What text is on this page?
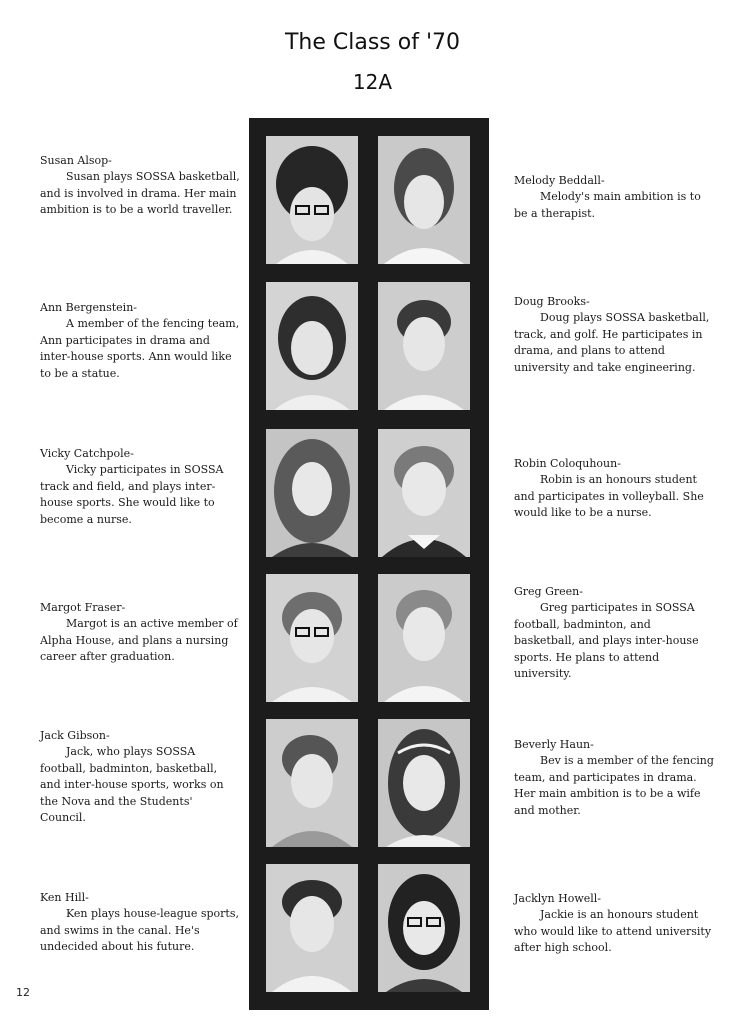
The Class of '70
12A
Susan Alsop-
Susan plays SOSSA basketball, and is involved in drama. Her main ambition is to be a world traveller.
Ann Bergenstein-
A member of the fencing team, Ann participates in drama and inter-house sports. Ann would like to be a statue.
Vicky Catchpole-
Vicky participates in SOSSA track and field, and plays inter-house sports. She would like to become a nurse.
Margot Fraser-
Margot is an active member of Alpha House, and plans a nursing career after graduation.
Jack Gibson-
Jack, who plays SOSSA football, badminton, basketball, and inter-house sports, works on the Nova and the Students' Council.
Ken Hill-
Ken plays house-league sports, and swims in the canal. He's undecided about his future.
Melody Beddall-
Melody's main ambition is to be a therapist.
Doug Brooks-
Doug plays SOSSA basketball, track, and golf. He participates in drama, and plans to attend university and take engineering.
Robin Coloquhoun-
Robin is an honours student and participates in volleyball. She would like to be a nurse.
Greg Green-
Greg participates in SOSSA football, badminton, and basketball, and plays inter-house sports. He plans to attend university.
Beverly Haun-
Bev is a member of the fencing team, and participates in drama. Her main ambition is to be a wife and mother.
Jacklyn Howell-
Jackie is an honours student who would like to attend university after high school.
12
